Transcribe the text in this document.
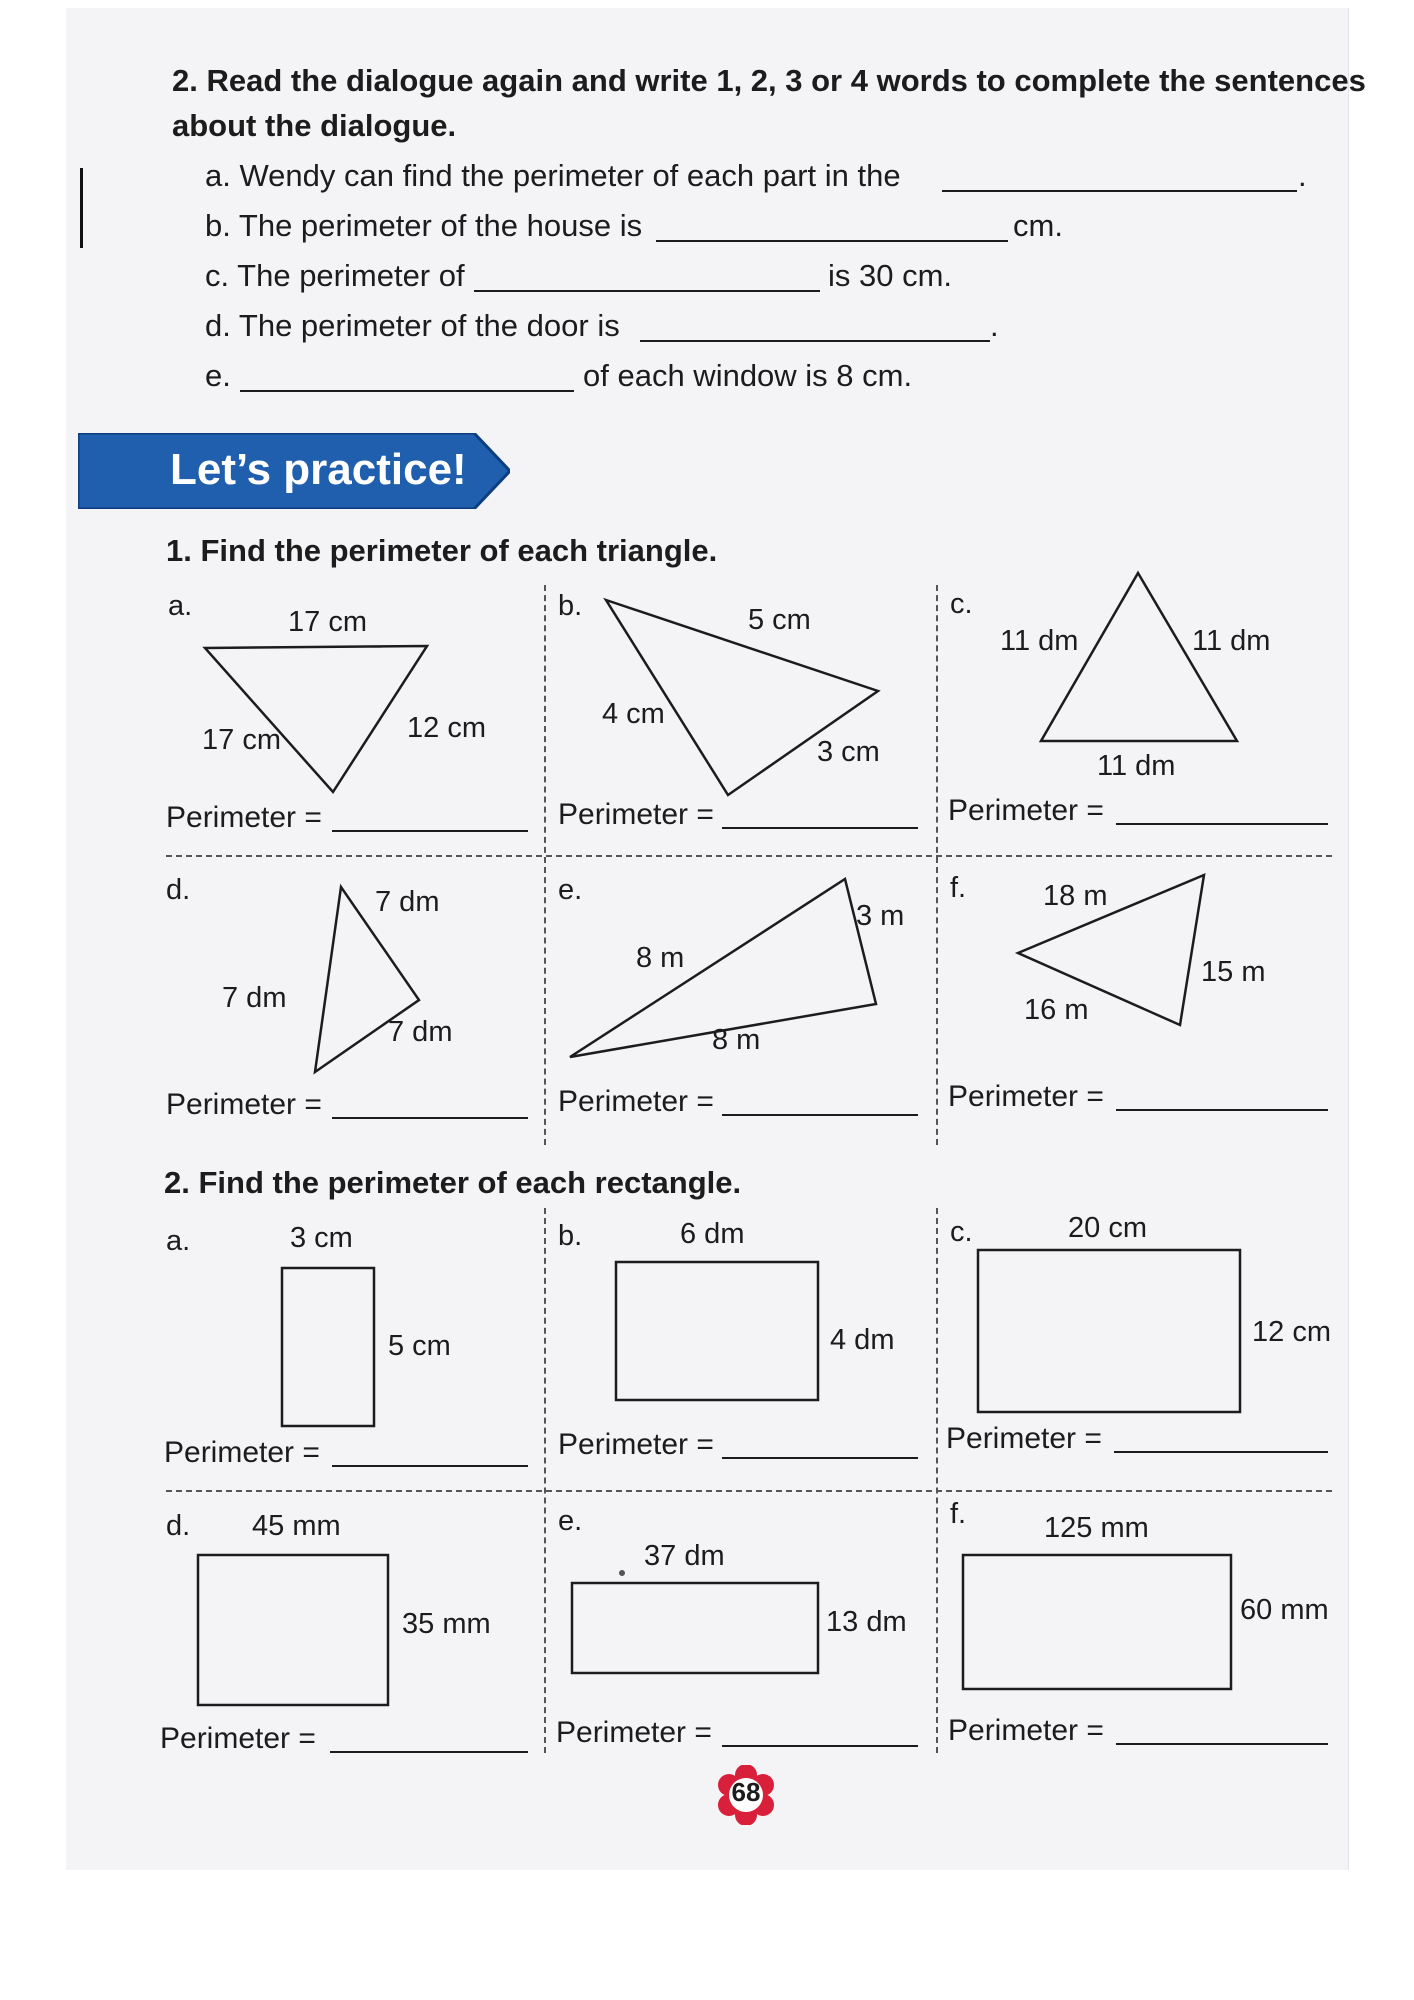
2. Read the dialogue again and write 1, 2, 3 or 4 words to complete the sentences
about the dialogue.
a. Wendy can find the perimeter of each part in the	.
b. The perimeter of the house is	cm.
c. The perimeter of	is 30 cm.
d. The perimeter of the door is	.
e.	of each window is 8 cm.
Let’s practice!
1. Find the perimeter of each triangle.
a.	17 cm
17 cm	12 cm
Perimeter =
b.	5 cm
4 cm
3 cm
Perimeter =
c.
11 dm	11 dm
11 dm
Perimeter =
d.	7 dm
7 dm
7 dm
Perimeter =
e.
3 m
8 m
8 m
Perimeter =
f.	18 m
15 m
16 m
Perimeter =
2. Find the perimeter of each rectangle.
a.	3 cm
5 cm
Perimeter =
b.	6 dm
4 dm
Perimeter =
c.	20 cm
12 cm
Perimeter =
d. 45 mm
35 mm
Perimeter =
e.
37 dm
13 dm
Perimeter =
f.	125 mm
60 mm
Perimeter =
68
